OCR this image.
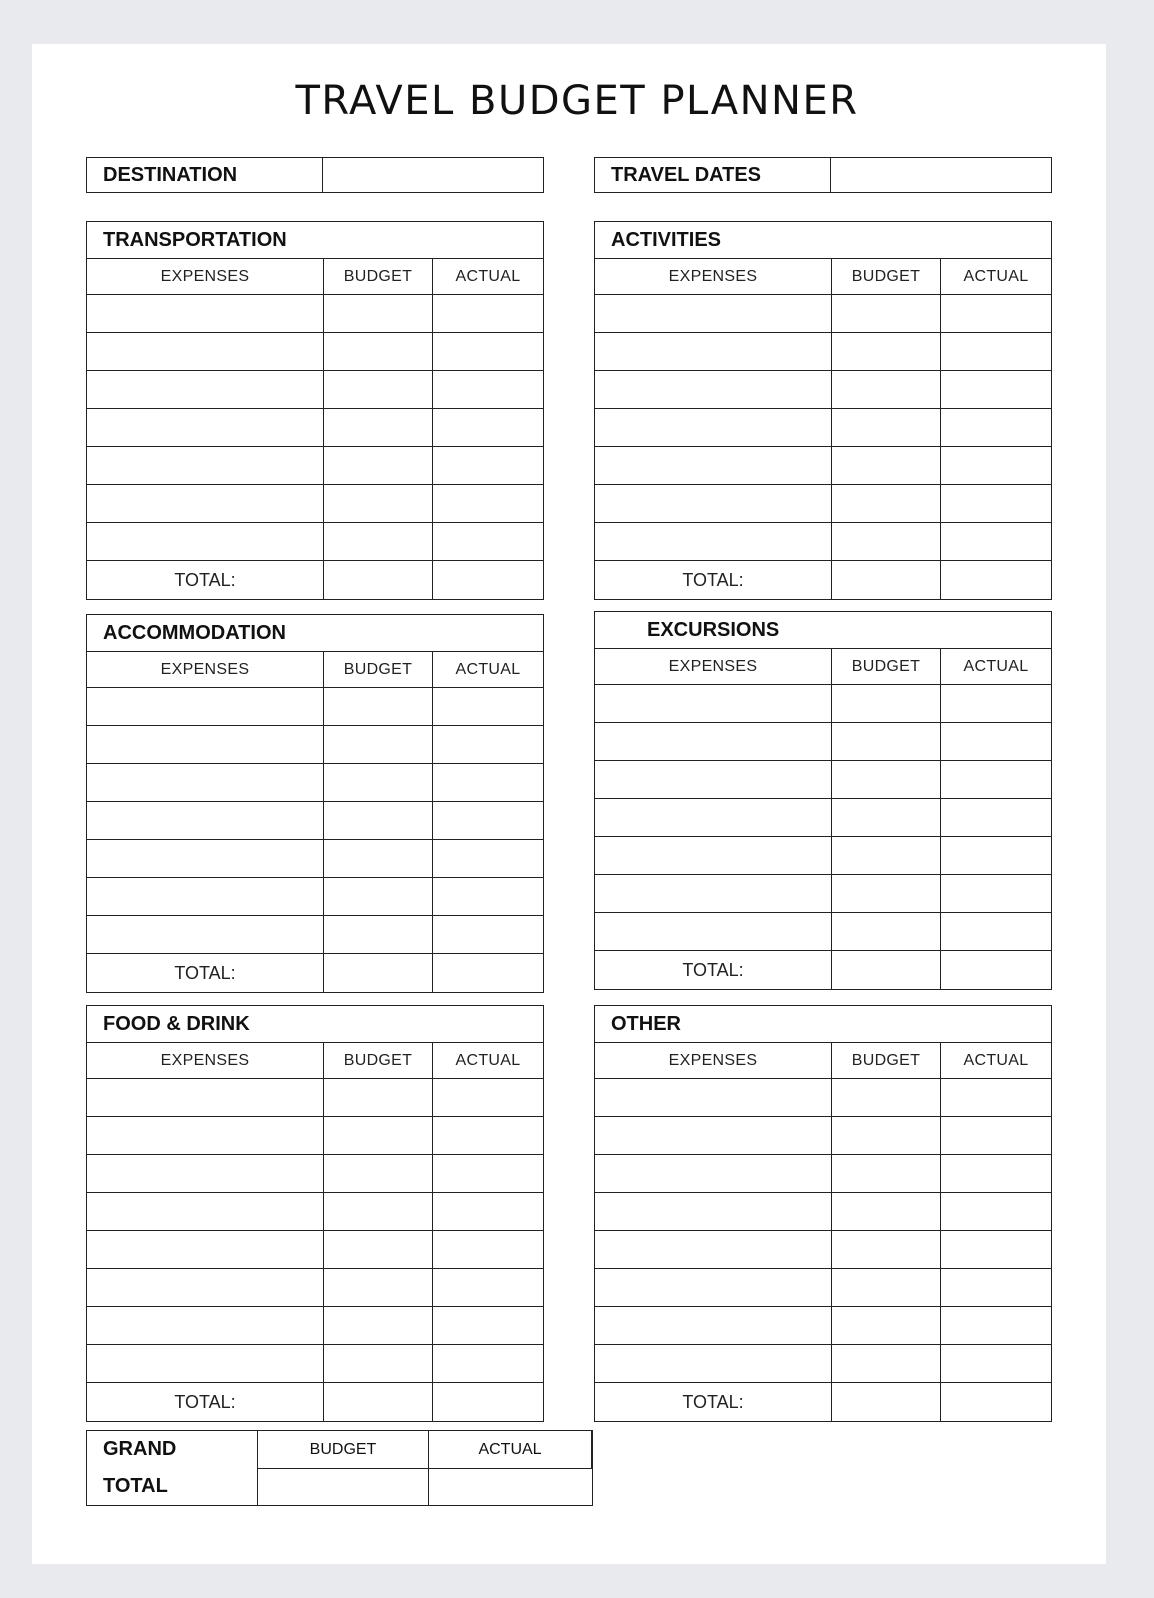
TRAVEL BUDGET PLANNER
DESTINATION	TRAVEL DATES
TRANSPORTATION
EXPENSES	BUDGET	ACTUAL
TOTAL:
ACTIVITIES
EXPENSES	BUDGET	ACTUAL
TOTAL:
ACCOMMODATION
EXPENSES	BUDGET	ACTUAL
TOTAL:
EXCURSIONS
EXPENSES	BUDGET	ACTUAL
TOTAL:
FOOD & DRINK
EXPENSES	BUDGET	ACTUAL
TOTAL:
OTHER
EXPENSES	BUDGET	ACTUAL
TOTAL:
GRAND
TOTAL
BUDGET	ACTUAL
